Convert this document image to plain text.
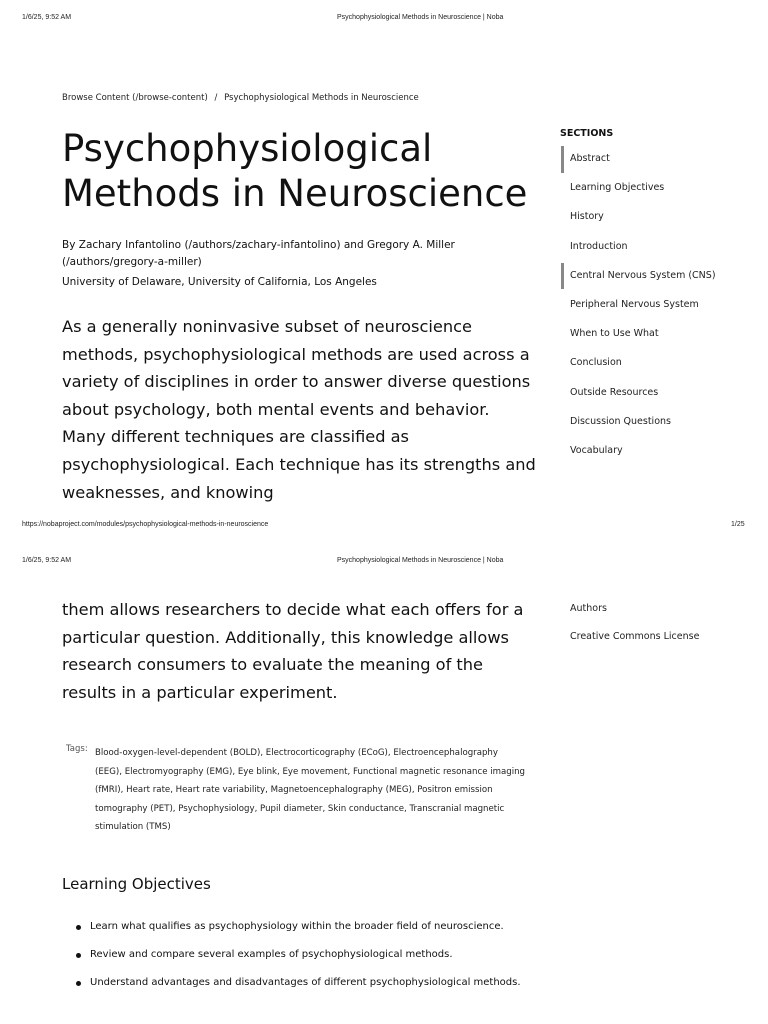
1/6/25, 9:52 AM	Psychophysiological Methods in Neuroscience | Noba
Browse Content (/browse-content) / Psychophysiological Methods in Neuroscience
Psychophysiological Methods in Neuroscience
By Zachary Infantolino (/authors/zachary-infantolino) and Gregory A. Miller (/authors/gregory-a-miller)
University of Delaware, University of California, Los Angeles
As a generally noninvasive subset of neuroscience methods, psychophysiological methods are used across a variety of disciplines in order to answer diverse questions about psychology, both mental events and behavior. Many different techniques are classified as psychophysiological. Each technique has its strengths and weaknesses, and knowing
SECTIONS
Abstract
Learning Objectives
History
Introduction
Central Nervous System (CNS)
Peripheral Nervous System
When to Use What
Conclusion
Outside Resources
Discussion Questions
Vocabulary
https://nobaproject.com/modules/psychophysiological-methods-in-neuroscience	1/25
1/6/25, 9:52 AM	Psychophysiological Methods in Neuroscience | Noba
them allows researchers to decide what each offers for a particular question. Additionally, this knowledge allows research consumers to evaluate the meaning of the results in a particular experiment.
Authors
Creative Commons License
Tags: Blood-oxygen-level-dependent (BOLD), Electrocorticography (ECoG), Electroencephalography (EEG), Electromyography (EMG), Eye blink, Eye movement, Functional magnetic resonance imaging (fMRI), Heart rate, Heart rate variability, Magnetoencephalography (MEG), Positron emission tomography (PET), Psychophysiology, Pupil diameter, Skin conductance, Transcranial magnetic stimulation (TMS)
Learning Objectives
Learn what qualifies as psychophysiology within the broader field of neuroscience.
Review and compare several examples of psychophysiological methods.
Understand advantages and disadvantages of different psychophysiological methods.
